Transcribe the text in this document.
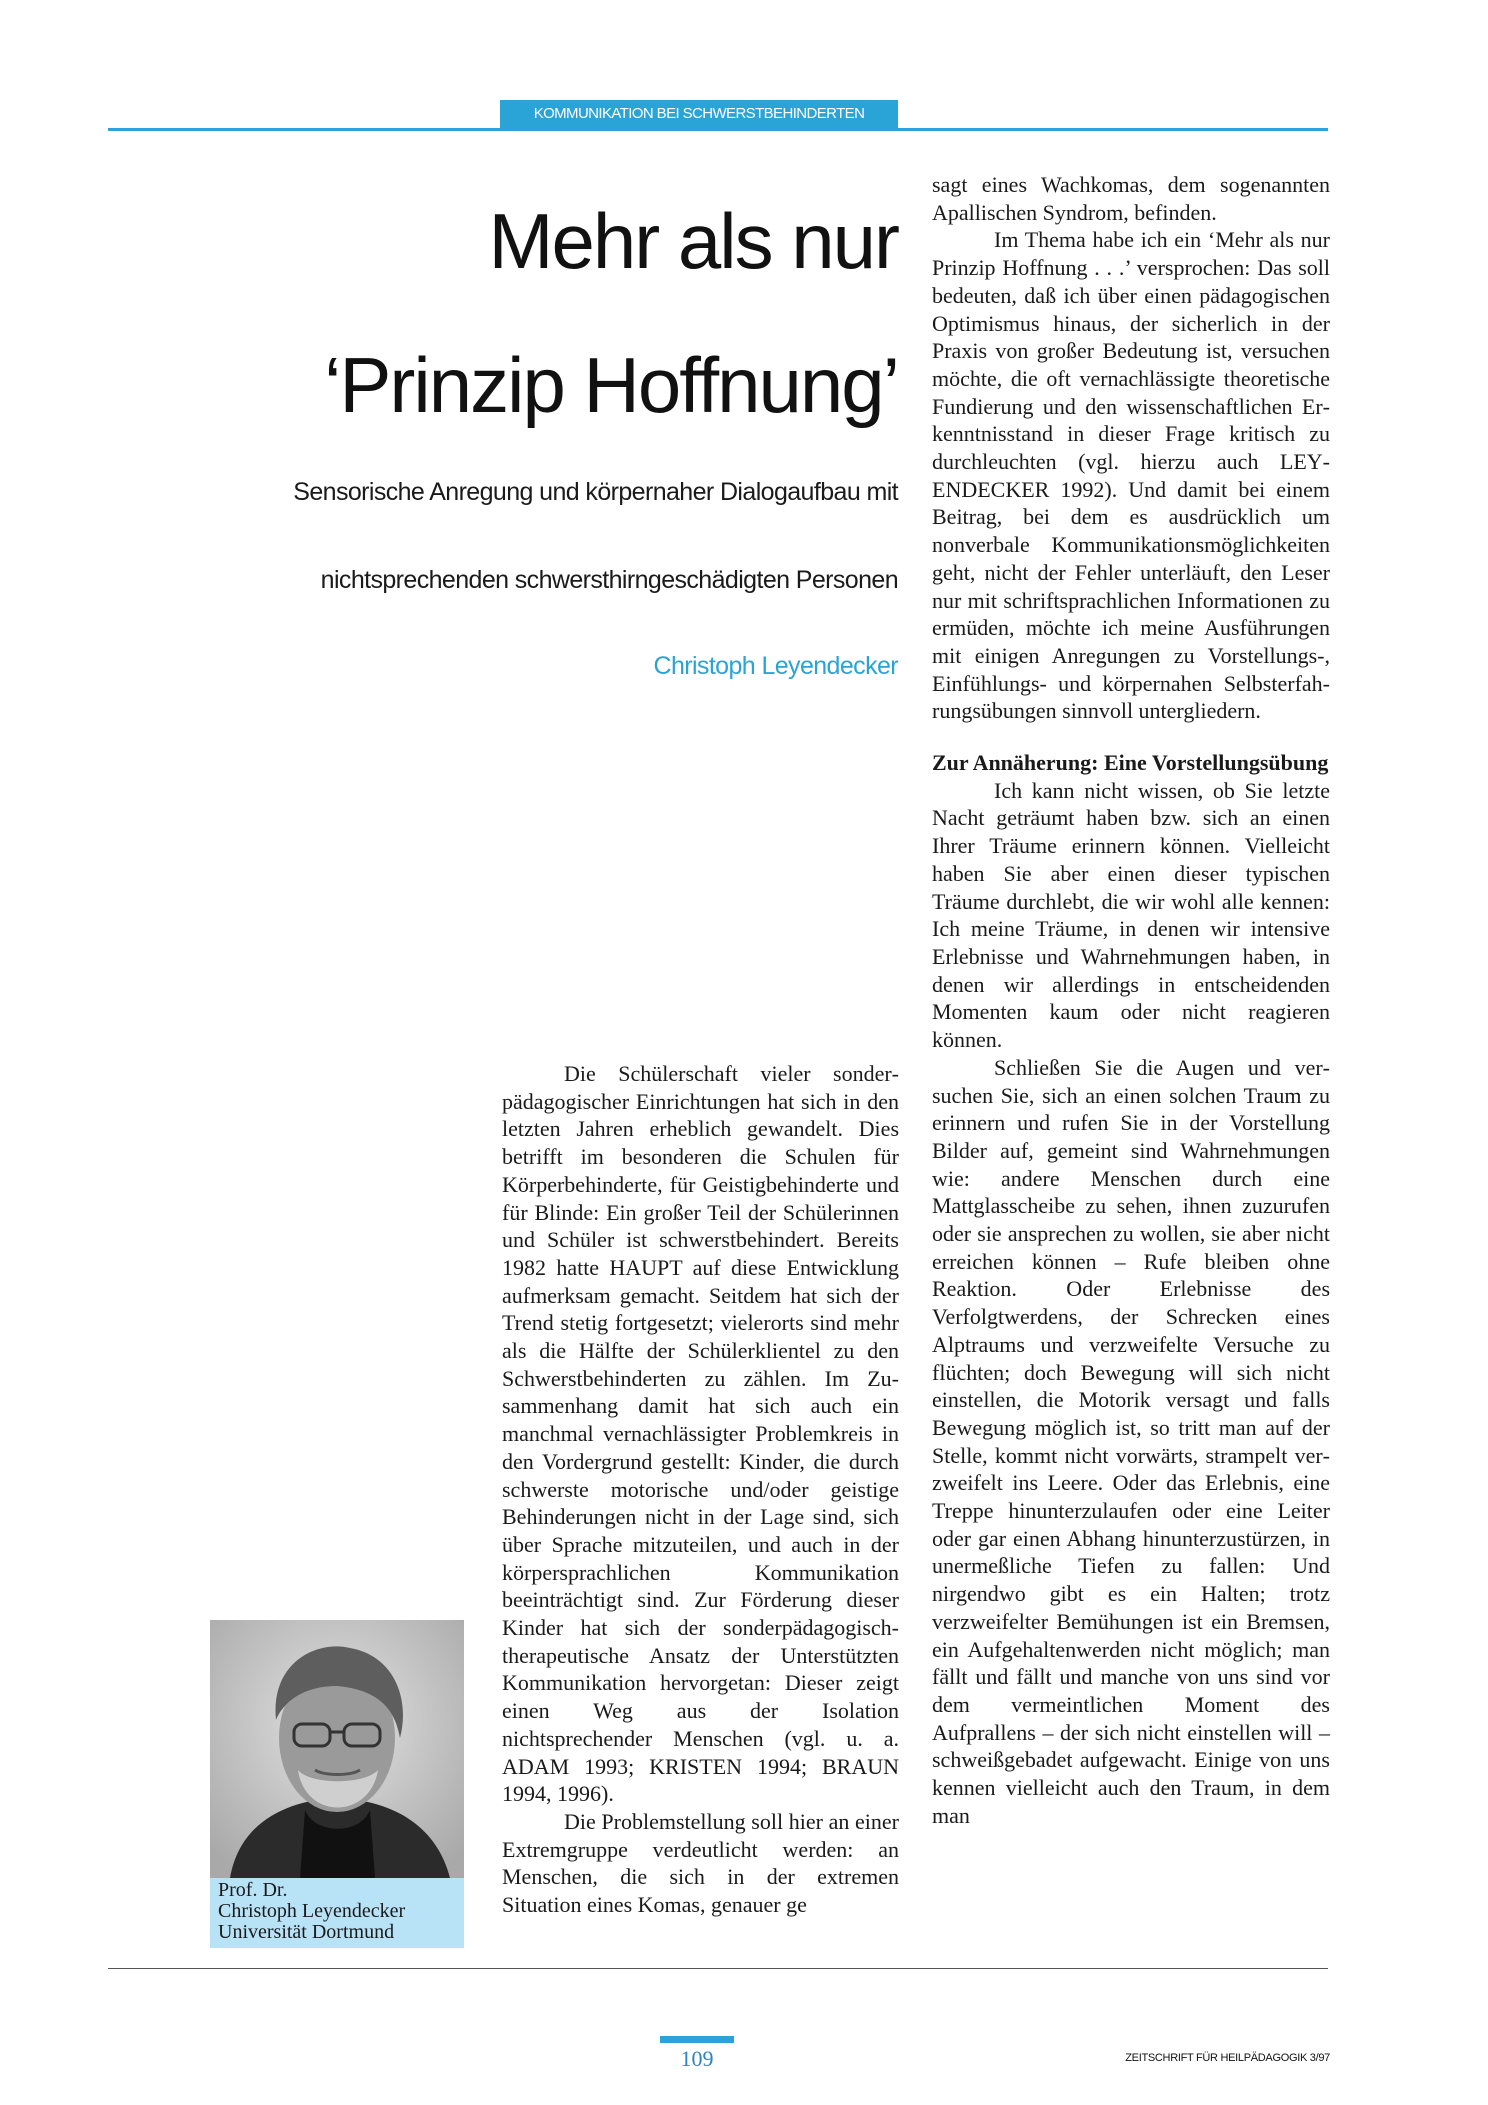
KOMMUNIKATION BEI SCHWERSTBEHINDERTEN
Mehr als nur
‘Prinzip Hoffnung’
Sensorische Anregung und körpernaher Dialogaufbau mit
nichtsprechenden schwersthirngeschädigten Personen
Christoph Leyendecker
Prof. Dr.
Christoph Leyendecker
Universität Dortmund

Die Schülerschaft vieler sonderpädagogischer Einrichtungen hat sich in den letzten Jahren erheblich gewandelt. Dies betrifft im besonderen die Schulen für Körperbehinderte, für Geistigbehinderte und für Blinde: Ein großer Teil der Schülerinnen und Schüler ist schwerstbehindert. Bereits 1982 hatte HAUPT auf diese Entwicklung aufmerksam gemacht. Seitdem hat sich der Trend stetig fortgesetzt; vielerorts sind mehr als die Hälfte der Schülerklientel zu den Schwerstbehinderten zu zählen. Im Zusammenhang damit hat sich auch ein manchmal vernachlässigter Problemkreis in den Vordergrund gestellt: Kinder, die durch schwerste motorische und/oder geistige Behinderungen nicht in der Lage sind, sich über Sprache mitzuteilen, und auch in der körpersprachlichen Kommunikation beeinträchtigt sind. Zur Förderung dieser Kinder hat sich der sonderpädagogisch-therapeutische Ansatz der Unterstützten Kommunikation hervorgetan: Dieser zeigt einen Weg aus der Isolation nichtsprechender Menschen (vgl. u. a. ADAM 1993; KRISTEN 1994; BRAUN 1994, 1996).

Die Problemstellung soll hier an einer Extremgruppe verdeutlicht werden: an Menschen, die sich in der extremen Situation eines Komas, genauer ge

sagt eines Wachkomas, dem sogenannten Apallischen Syndrom, befinden.

Im Thema habe ich ein ‘Mehr als nur Prinzip Hoffnung . . .’ versprochen: Das soll bedeuten, daß ich über einen pädagogischen Optimismus hinaus, der sicherlich in der Praxis von großer Bedeutung ist, versuchen möchte, die oft vernachlässigte theoretische Fundierung und den wissenschaftlichen Erkenntnisstand in dieser Frage kritisch zu durchleuchten (vgl. hierzu auch LEYENDECKER 1992). Und damit bei einem Beitrag, bei dem es ausdrücklich um nonverbale Kommunikationsmöglichkeiten geht, nicht der Fehler unterläuft, den Leser nur mit schriftsprachlichen Informationen zu ermüden, möchte ich meine Ausführungen mit einigen Anregungen zu Vorstellungs-, Einfühlungs- und körpernahen Selbsterfahrungsübungen sinnvoll untergliedern.

Zur Annäherung: Eine Vorstellungsübung

Ich kann nicht wissen, ob Sie letzte Nacht geträumt haben bzw. sich an einen Ihrer Träume erinnern können. Vielleicht haben Sie aber einen dieser typischen Träume durchlebt, die wir wohl alle kennen: Ich meine Träume, in denen wir intensive Erlebnisse und Wahrnehmungen haben, in denen wir allerdings in entscheidenden Momenten kaum oder nicht reagieren können.

Schließen Sie die Augen und versuchen Sie, sich an einen solchen Traum zu erinnern und rufen Sie in der Vorstellung Bilder auf, gemeint sind Wahrnehmungen wie: andere Menschen durch eine Mattglasscheibe zu sehen, ihnen zuzurufen oder sie ansprechen zu wollen, sie aber nicht erreichen können – Rufe bleiben ohne Reaktion. Oder Erlebnisse des Verfolgtwerdens, der Schrecken eines Alptraums und verzweifelte Versuche zu flüchten; doch Bewegung will sich nicht einstellen, die Motorik versagt und falls Bewegung möglich ist, so tritt man auf der Stelle, kommt nicht vorwärts, strampelt verzweifelt ins Leere. Oder das Erlebnis, eine Treppe hinunterzulaufen oder eine Leiter oder gar einen Abhang hinunterzustürzen, in unermeßliche Tiefen zu fallen: Und nirgendwo gibt es ein Halten; trotz verzweifelter Bemühungen ist ein Bremsen, ein Aufgehaltenwerden nicht möglich; man fällt und fällt und manche von uns sind vor dem vermeintlichen Moment des Aufprallens – der sich nicht einstellen will – schweißgebadet aufgewacht. Einige von uns kennen vielleicht auch den Traum, in dem man

109	ZEITSCHRIFT FÜR HEILPÄDAGOGIK 3/97
